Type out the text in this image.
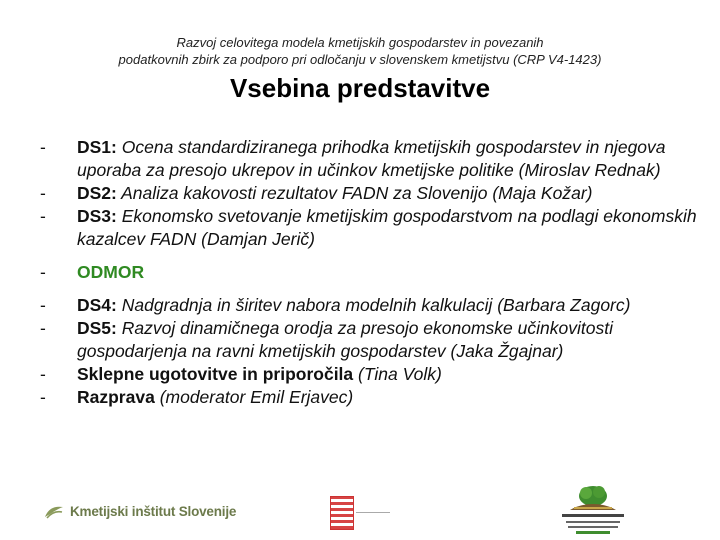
Razvoj celovitega modela kmetijskih gospodarstev in povezanih
podatkovnih zbirk za podporo pri odločanju v slovenskem kmetijstvu (CRP V4-1423)
Vsebina predstavitve
-	DS1: Ocena standardiziranega prihodka kmetijskih gospodarstev in njegova uporaba za presojo ukrepov in učinkov kmetijske politike (Miroslav Rednak)
-	DS2: Analiza kakovosti rezultatov FADN za Slovenijo (Maja Kožar)
-	DS3: Ekonomsko svetovanje kmetijskim gospodarstvom na podlagi ekonomskih kazalcev FADN (Damjan Jerič)
-	ODMOR
-	DS4: Nadgradnja in širitev nabora modelnih kalkulacij (Barbara Zagorc)
-	DS5: Razvoj dinamičnega orodja za presojo ekonomske učinkovitosti gospodarjenja na ravni kmetijskih gospodarstev (Jaka Žgajnar)
-	Sklepne ugotovitve in priporočila (Tina Volk)
-	Razprava (moderator Emil Erjavec)
Kmetijski inštitut Slovenije
